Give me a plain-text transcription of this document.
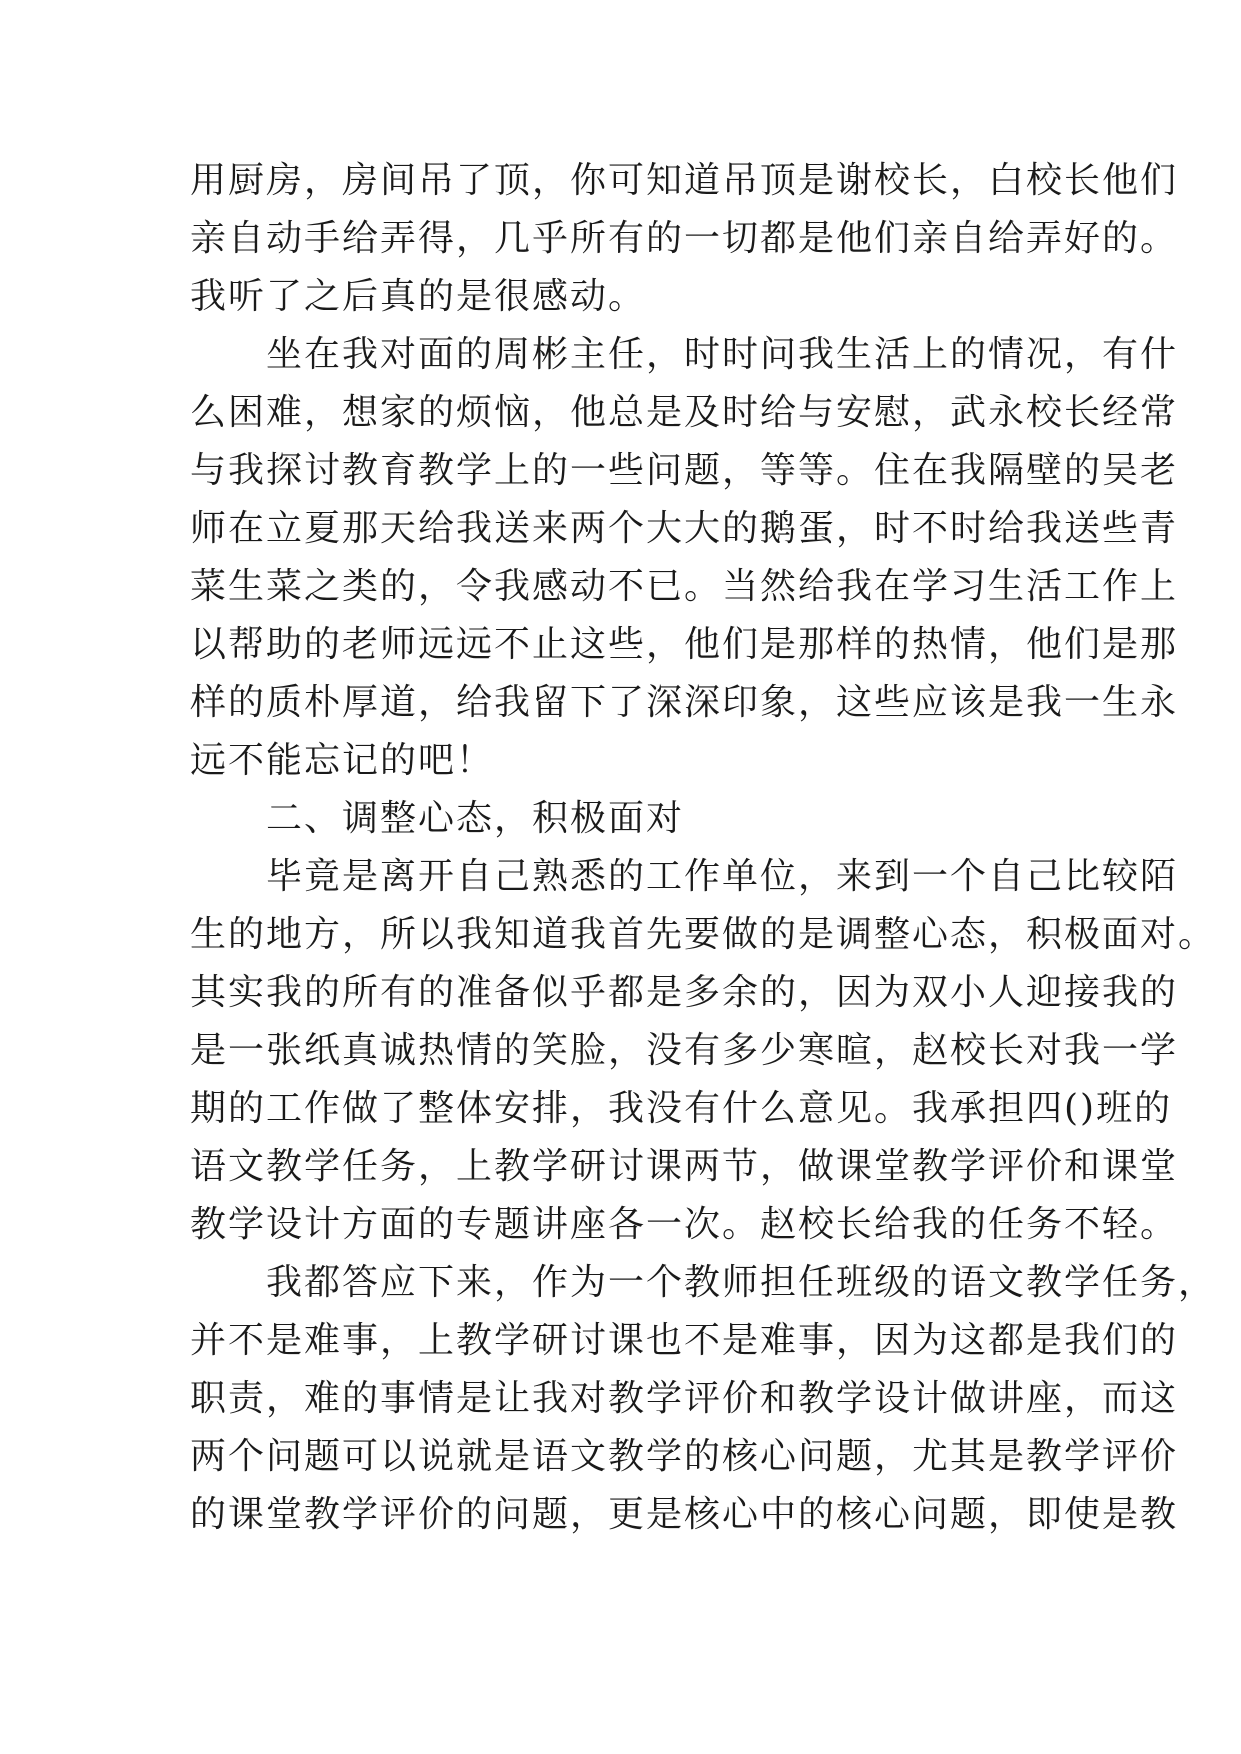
用厨房，房间吊了顶，你可知道吊顶是谢校长，白校长他们
亲自动手给弄得，几乎所有的一切都是他们亲自给弄好的。
我听了之后真的是很感动。
坐在我对面的周彬主任，时时问我生活上的情况，有什
么困难，想家的烦恼，他总是及时给与安慰，武永校长经常
与我探讨教育教学上的一些问题，等等。住在我隔壁的吴老
师在立夏那天给我送来两个大大的鹅蛋，时不时给我送些青
菜生菜之类的，令我感动不已。当然给我在学习生活工作上
以帮助的老师远远不止这些，他们是那样的热情，他们是那
样的质朴厚道，给我留下了深深印象，这些应该是我一生永
远不能忘记的吧！
二、调整心态，积极面对
毕竟是离开自己熟悉的工作单位，来到一个自己比较陌
生的地方，所以我知道我首先要做的是调整心态，积极面对。
其实我的所有的准备似乎都是多余的，因为双小人迎接我的
是一张纸真诚热情的笑脸，没有多少寒暄，赵校长对我一学
期的工作做了整体安排，我没有什么意见。我承担四()班的
语文教学任务，上教学研讨课两节，做课堂教学评价和课堂
教学设计方面的专题讲座各一次。赵校长给我的任务不轻。
我都答应下来，作为一个教师担任班级的语文教学任务，
并不是难事，上教学研讨课也不是难事，因为这都是我们的
职责，难的事情是让我对教学评价和教学设计做讲座，而这
两个问题可以说就是语文教学的核心问题，尤其是教学评价
的课堂教学评价的问题，更是核心中的核心问题，即使是教
